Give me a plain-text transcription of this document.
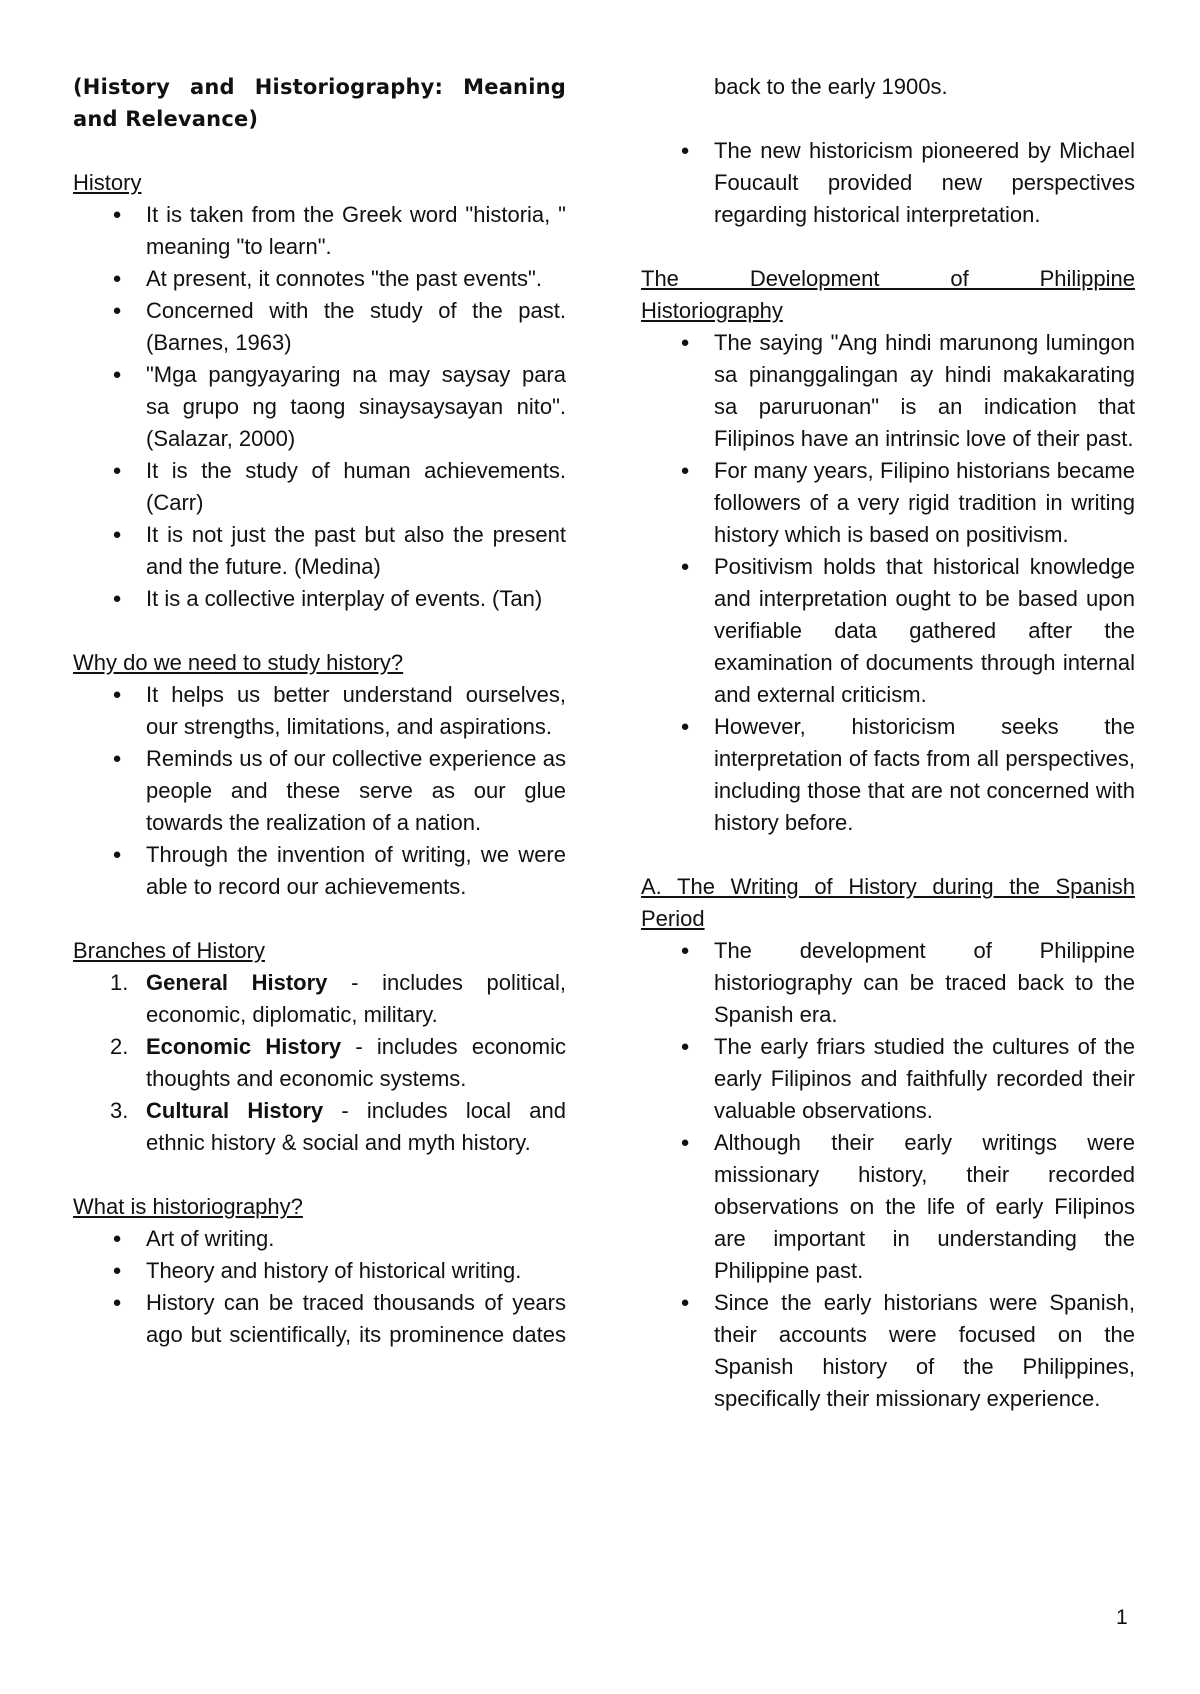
(History and Historiography: Meaning and Relevance)
History
● It is taken from the Greek word "historia, " meaning "to learn".
● At present, it connotes "the past events".
● Concerned with the study of the past. (Barnes, 1963)
● "Mga pangyayaring na may saysay para sa grupo ng taong sinaysaysayan nito". (Salazar, 2000)
● It is the study of human achievements. (Carr)
● It is not just the past but also the present and the future. (Medina)
● It is a collective interplay of events. (Tan)
Why do we need to study history?
● It helps us better understand ourselves, our strengths, limitations, and aspirations.
● Reminds us of our collective experience as people and these serve as our glue towards the realization of a nation.
● Through the invention of writing, we were able to record our achievements.
Branches of History
1. General History - includes political, economic, diplomatic, military.
2. Economic History - includes economic thoughts and economic systems.
3. Cultural History - includes local and ethnic history & social and myth history.
What is historiography?
● Art of writing.
● Theory and history of historical writing.
● History can be traced thousands of years ago but scientifically, its prominence dates
back to the early 1900s.
● The new historicism pioneered by Michael Foucault provided new perspectives regarding historical interpretation.
The Development of Philippine
Historiography
● The saying "Ang hindi marunong lumingon sa pinanggalingan ay hindi makakarating sa paruruonan" is an indication that Filipinos have an intrinsic love of their past.
● For many years, Filipino historians became followers of a very rigid tradition in writing history which is based on positivism.
● Positivism holds that historical knowledge and interpretation ought to be based upon verifiable data gathered after the examination of documents through internal and external criticism.
● However, historicism seeks the interpretation of facts from all perspectives, including those that are not concerned with history before.
A. The Writing of History during the Spanish Period
● The development of Philippine historiography can be traced back to the Spanish era.
● The early friars studied the cultures of the early Filipinos and faithfully recorded their valuable observations.
● Although their early writings were missionary history, their recorded observations on the life of early Filipinos are important in understanding the Philippine past.
● Since the early historians were Spanish, their accounts were focused on the Spanish history of the Philippines, specifically their missionary experience.
1
